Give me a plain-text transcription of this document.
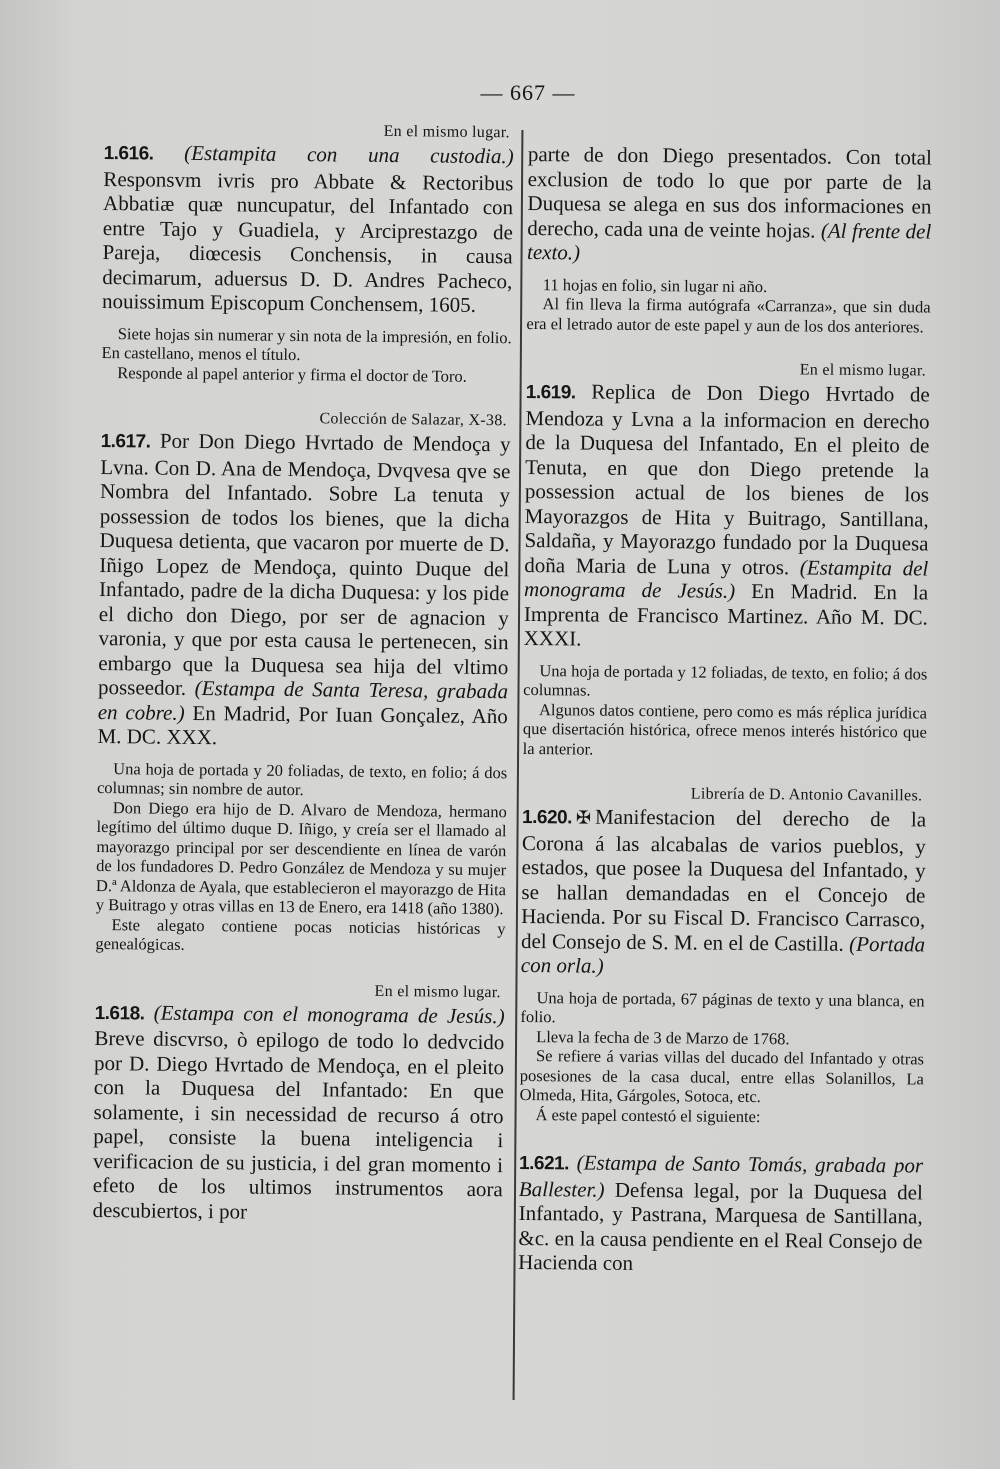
— 667 —
En el mismo lugar.

1.616. (Estampita con una custodia.) Responsvm ivris pro Abbate & Rectoribus Abbatiæ quæ nuncupatur, del Infantado con entre Tajo y Guadiela, y Arciprestazgo de Pareja, diœcesis Conchensis, in causa decimarum, aduersus D. D. Andres Pacheco, nouissimum Episcopum Conchensem, 1605.

Siete hojas sin numerar y sin nota de la impresión, en folio. En castellano, menos el título.

Responde al papel anterior y firma el doctor de Toro.

Colección de Salazar, X-38.

1.617. Por Don Diego Hvrtado de Mendoça y Lvna. Con D. Ana de Mendoça, Dvqvesa qve se Nombra del Infantado. Sobre La tenuta y possession de todos los bienes, que la dicha Duquesa detienta, que vacaron por muerte de D. Iñigo Lopez de Mendoça, quinto Duque del Infantado, padre de la dicha Duquesa: y los pide el dicho don Diego, por ser de agnacion y varonia, y que por esta causa le pertenecen, sin embargo que la Duquesa sea hija del vltimo posseedor. (Estampa de Santa Teresa, grabada en cobre.) En Madrid, Por Iuan Gonçalez, Año M. DC. XXX.

Una hoja de portada y 20 foliadas, de texto, en folio; á dos columnas; sin nombre de autor.

Don Diego era hijo de D. Alvaro de Mendoza, hermano legítimo del último duque D. Iñigo, y creía ser el llamado al mayorazgo principal por ser descendiente en línea de varón de los fundadores D. Pedro González de Mendoza y su mujer D.ª Aldonza de Ayala, que establecieron el mayorazgo de Hita y Buitrago y otras villas en 13 de Enero, era 1418 (año 1380).

Este alegato contiene pocas noticias históricas y genealógicas.

En el mismo lugar.

1.618. (Estampa con el monograma de Jesús.) Breve discvrso, ò epilogo de todo lo dedvcido por D. Diego Hvrtado de Mendoça, en el pleito con la Duquesa del Infantado: En que solamente, i sin necessidad de recurso á otro papel, consiste la buena inteligencia i verificacion de su justicia, i del gran momento i efeto de los ultimos instrumentos aora descubiertos, i por

parte de don Diego presentados. Con total exclusion de todo lo que por parte de la Duquesa se alega en sus dos informaciones en derecho, cada una de veinte hojas. (Al frente del texto.)

11 hojas en folio, sin lugar ni año.

Al fin lleva la firma autógrafa «Carranza», que sin duda era el letrado autor de este papel y aun de los dos anteriores.

En el mismo lugar.

1.619. Replica de Don Diego Hvrtado de Mendoza y Lvna a la informacion en derecho de la Duquesa del Infantado, En el pleito de Tenuta, en que don Diego pretende la possession actual de los bienes de los Mayorazgos de Hita y Buitrago, Santillana, Saldaña, y Mayorazgo fundado por la Duquesa doña Maria de Luna y otros. (Estampita del monograma de Jesús.) En Madrid. En la Imprenta de Francisco Martinez. Año M. DC. XXXI.

Una hoja de portada y 12 foliadas, de texto, en folio; á dos columnas.

Algunos datos contiene, pero como es más réplica jurídica que disertación histórica, ofrece menos interés histórico que la anterior.

Librería de D. Antonio Cavanilles.

1.620. ✠ Manifestacion del derecho de la Corona á las alcabalas de varios pueblos, y estados, que posee la Duquesa del Infantado, y se hallan demandadas en el Concejo de Hacienda. Por su Fiscal D. Francisco Carrasco, del Consejo de S. M. en el de Castilla. (Portada con orla.)

Una hoja de portada, 67 páginas de texto y una blanca, en folio.

Lleva la fecha de 3 de Marzo de 1768.

Se refiere á varias villas del ducado del Infantado y otras posesiones de la casa ducal, entre ellas Solanillos, La Olmeda, Hita, Gárgoles, Sotoca, etc.

Á este papel contestó el siguiente:

1.621. (Estampa de Santo Tomás, grabada por Ballester.) Defensa legal, por la Duquesa del Infantado, y Pastrana, Marquesa de Santillana, &c. en la causa pendiente en el Real Consejo de Hacienda con
